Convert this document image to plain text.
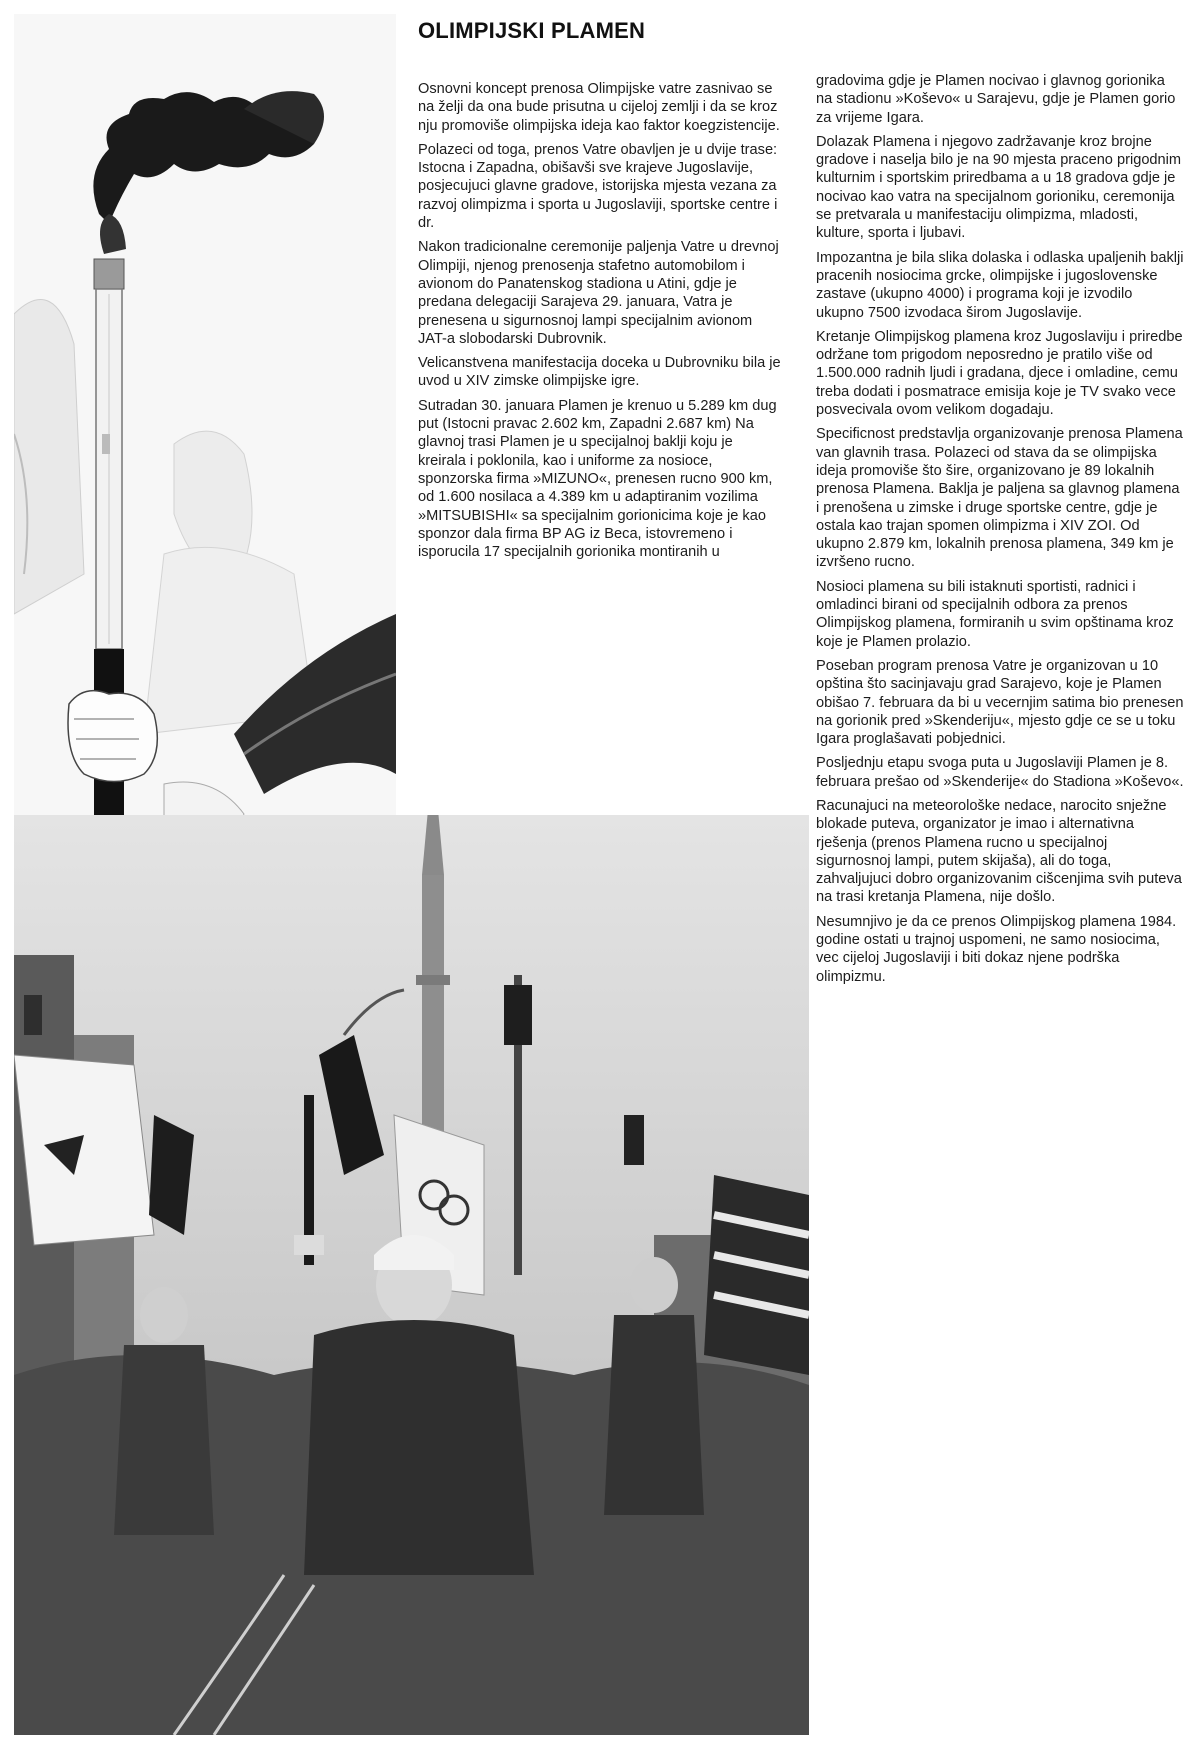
OLIMPIJSKI PLAMEN

Osnovni koncept prenosa Olimpijske vatre zasnivao se na želji da ona bude prisutna u cijeloj zemlji i da se kroz nju promoviše olimpijska ideja kao faktor koegzistencije.

Polazeci od toga, prenos Vatre obavljen je u dvije trase: Istocna i Zapadna, obišavši sve krajeve Jugoslavije, posjecujuci glavne gradove, istorijska mjesta vezana za razvoj olimpizma i sporta u Jugoslaviji, sportske centre i dr.

Nakon tradicionalne ceremonije paljenja Vatre u drevnoj Olimpiji, njenog prenosenja stafetno automobilom i avionom do Panatenskog stadiona u Atini, gdje je predana delegaciji Sarajeva 29. januara, Vatra je prenesena u sigurnosnoj lampi specijalnim avionom JAT-a slobodarski Dubrovnik.

Velicanstvena manifestacija doceka u Dubrovniku bila je uvod u XIV zimske olimpijske igre.

Sutradan 30. januara Plamen je krenuo u 5.289 km dug put (Istocni pravac 2.602 km, Zapadni 2.687 km) Na glavnoj trasi Plamen je u specijalnoj baklji koju je kreirala i poklonila, kao i uniforme za nosioce, sponzorska firma »MIZUNO«, prenesen rucno 900 km, od 1.600 nosilaca a 4.389 km u adaptiranim vozilima »MITSUBISHI« sa specijalnim gorionicima koje je kao sponzor dala firma BP AG iz Beca, istovremeno i isporucila 17 specijalnih gorionika montiranih u

gradovima gdje je Plamen nocivao i glavnog gorionika na stadionu »Koševo« u Sarajevu, gdje je Plamen gorio za vrijeme Igara.

Dolazak Plamena i njegovo zadržavanje kroz brojne gradove i naselja bilo je na 90 mjesta praceno prigodnim kulturnim i sportskim priredbama a u 18 gradova gdje je nocivao kao vatra na specijalnom gorioniku, ceremonija se pretvarala u manifestaciju olimpizma, mladosti, kulture, sporta i ljubavi.

Impozantna je bila slika dolaska i odlaska upaljenih baklji pracenih nosiocima grcke, olimpijske i jugoslovenske zastave (ukupno 4000) i programa koji je izvodilo ukupno 7500 izvodaca širom Jugoslavije.

Kretanje Olimpijskog plamena kroz Jugoslaviju i priredbe održane tom prigodom neposredno je pratilo više od 1.500.000 radnih ljudi i gradana, djece i omladine, cemu treba dodati i posmatrace emisija koje je TV svako vece posvecivala ovom velikom dogadaju.

Specificnost predstavlja organizovanje prenosa Plamena van glavnih trasa. Polazeci od stava da se olimpijska ideja promoviše što šire, organizovano je 89 lokalnih prenosa Plamena. Baklja je paljena sa glavnog plamena i prenošena u zimske i druge sportske centre, gdje je ostala kao trajan spomen olimpizma i XIV ZOI. Od ukupno 2.879 km, lokalnih prenosa plamena, 349 km je izvršeno rucno.

Nosioci plamena su bili istaknuti sportisti, radnici i omladinci birani od specijalnih odbora za prenos Olimpijskog plamena, formiranih u svim opštinama kroz koje je Plamen prolazio.

Poseban program prenosa Vatre je organizovan u 10 opština što sacinjavaju grad Sarajevo, koje je Plamen obišao 7. februara da bi u vecernjim satima bio prenesen na gorionik pred »Skenderiju«, mjesto gdje ce se u toku Igara proglašavati pobjednici.

Posljednju etapu svoga puta u Jugoslaviji Plamen je 8. februara prešao od »Skenderije« do Stadiona »Koševo«.

Racunajuci na meteorološke nedace, narocito snježne blokade puteva, organizator je imao i alternativna rješenja (prenos Plamena rucno u specijalnoj sigurnosnoj lampi, putem skijaša), ali do toga, zahvaljujuci dobro organizovanim cišcenjima svih puteva na trasi kretanja Plamena, nije došlo.

Nesumnjivo je da ce prenos Olimpijskog plamena 1984. godine ostati u trajnoj uspomeni, ne samo nosiocima, vec cijeloj Jugoslaviji i biti dokaz njene podrška olimpizmu.
